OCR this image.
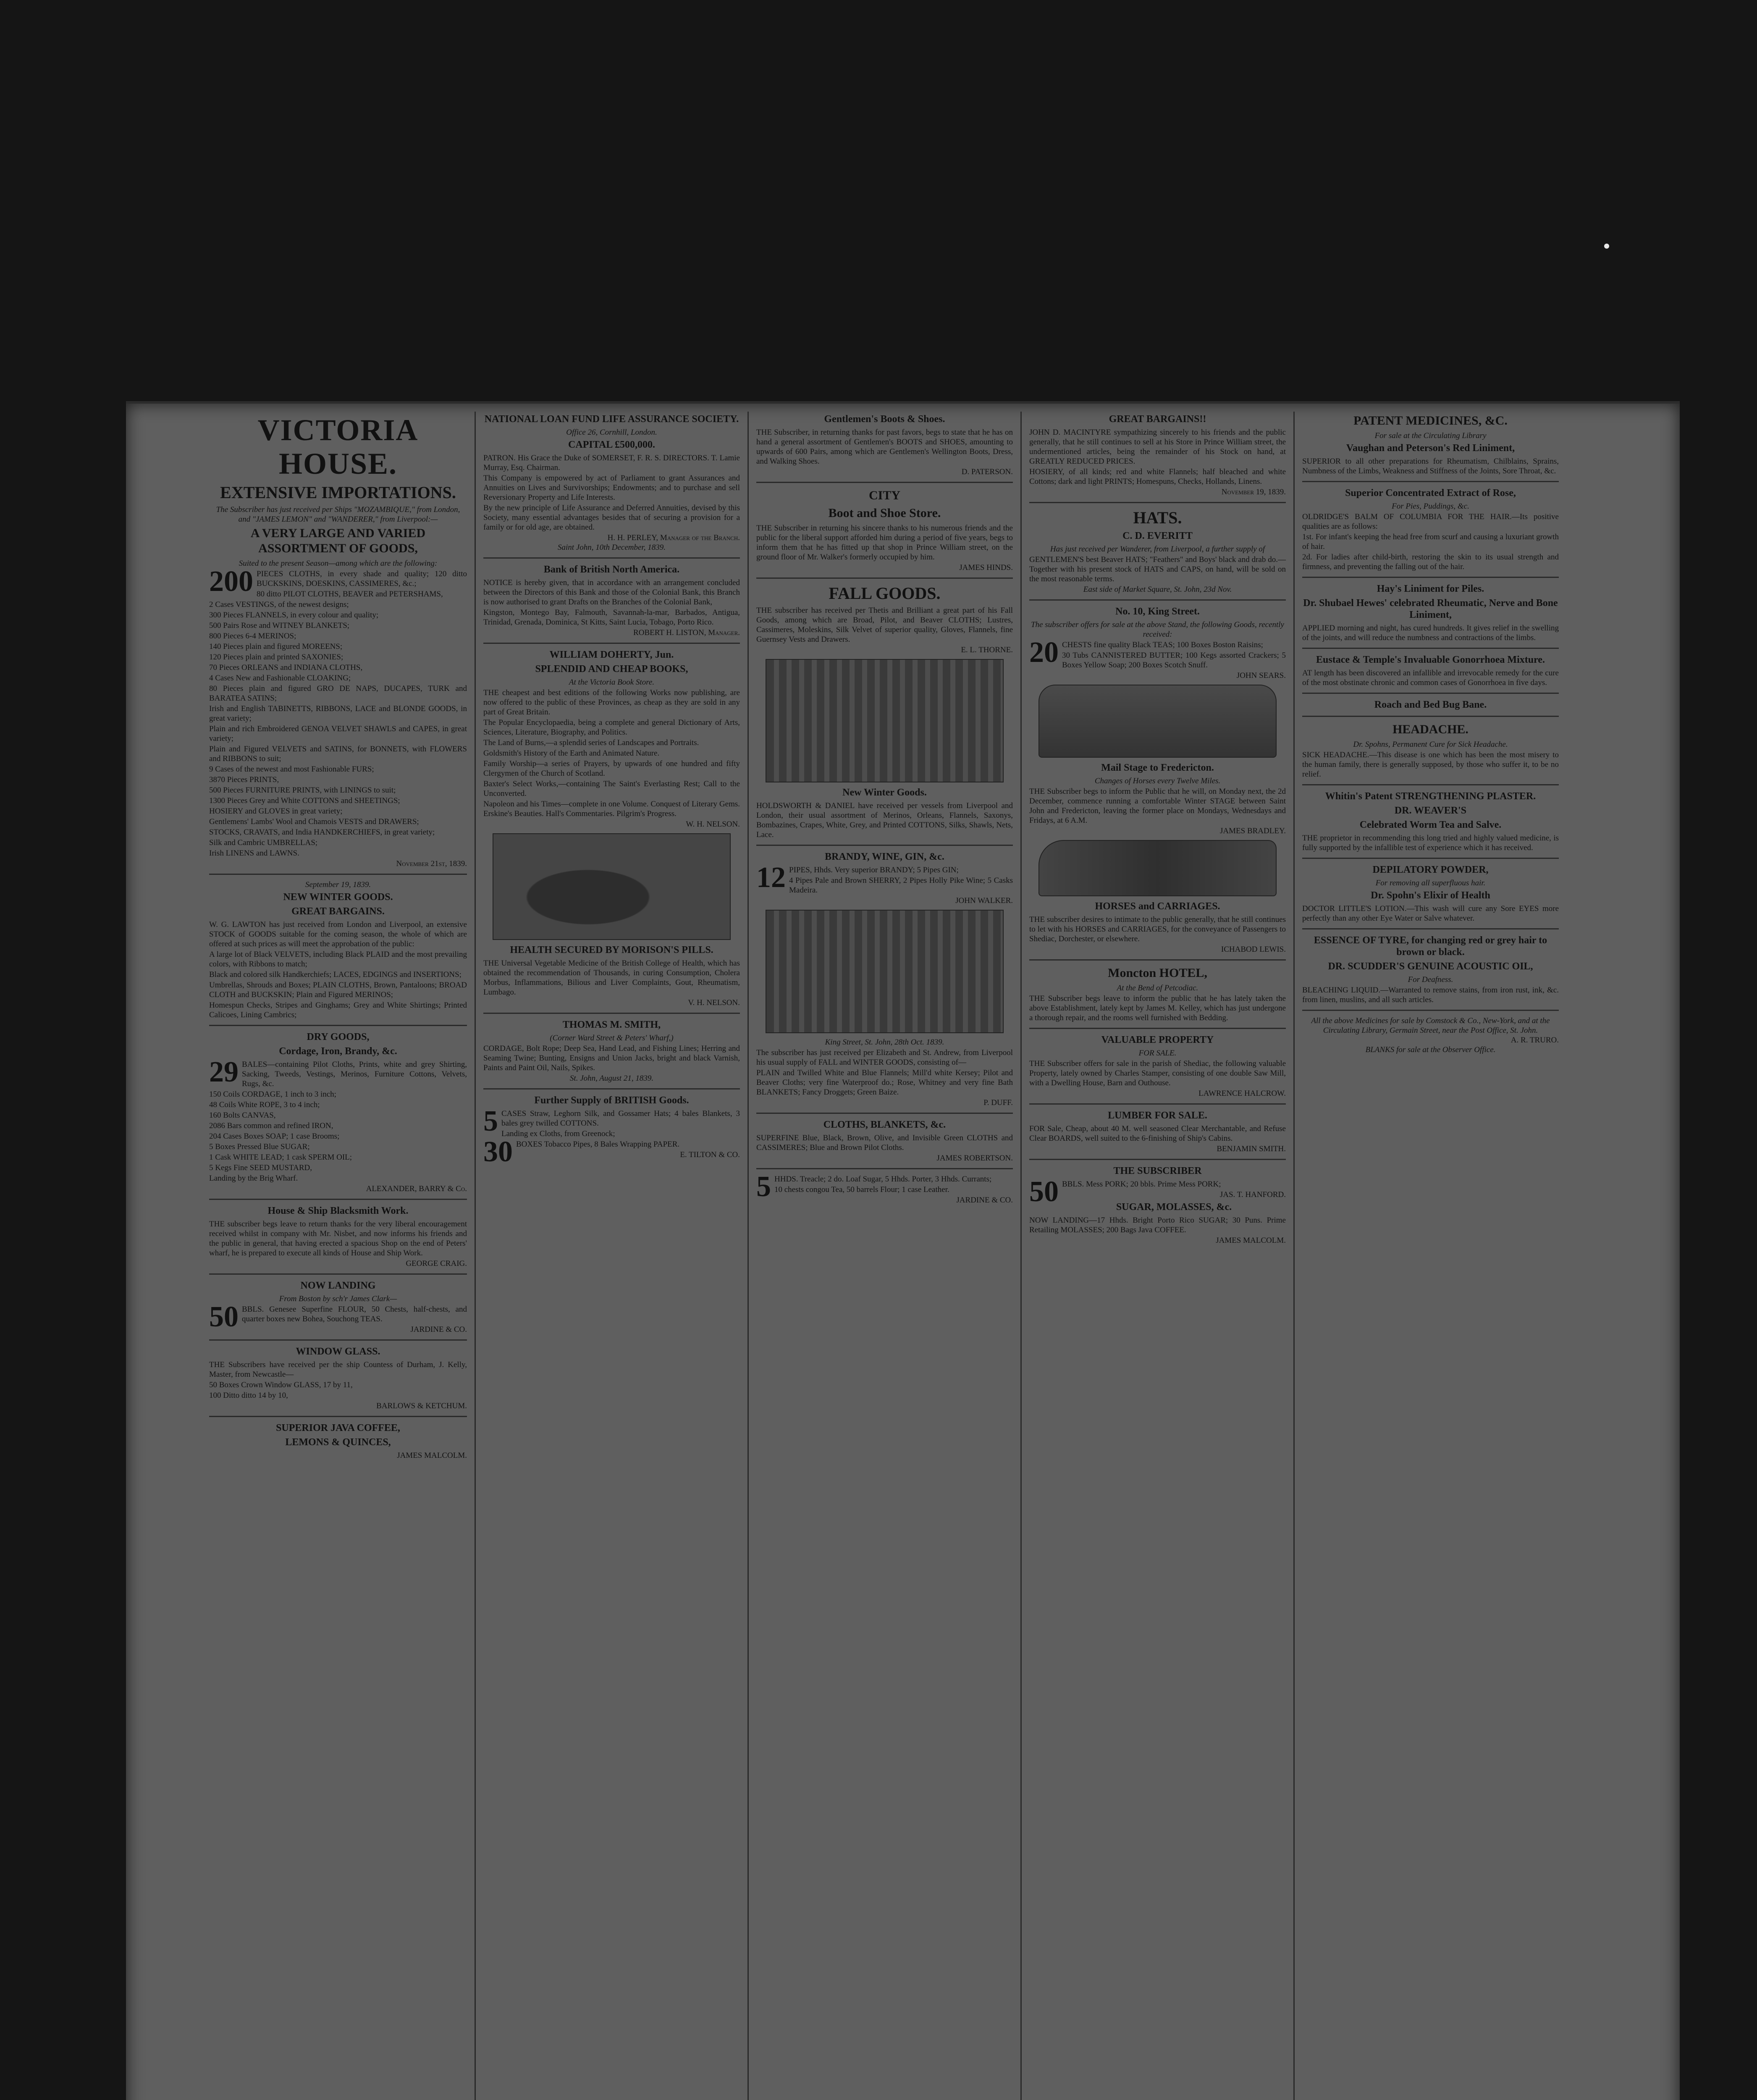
VICTORIA HOUSE.
EXTENSIVE IMPORTATIONS.
The Subscriber has just received per Ships "MOZAMBIQUE," from London, and "JAMES LEMON" and "WANDERER," from Liverpool:—
A VERY LARGE AND VARIED ASSORTMENT OF GOODS,
Suited to the present Season—among which are the following:
200 PIECES CLOTHS, in every shade and quality; 120 ditto BUCKSKINS, DOESKINS, CASSIMERES, &c.;
80 ditto PILOT CLOTHS, BEAVER and PETERSHAMS,
2 Cases VESTINGS, of the newest designs;
300 Pieces FLANNELS, in every colour and quality;
500 Pairs Rose and WITNEY BLANKETS;
800 Pieces 6-4 MERINOS;
140 Pieces plain and figured MOREENS;
120 Pieces plain and printed SAXONIES;
70 Pieces ORLEANS and INDIANA CLOTHS,
4 Cases New and Fashionable CLOAKING;
80 Pieces plain and figured GRO DE NAPS, DUCAPES, TURK and BARATEA SATINS;
Irish and English TABINETTS, RIBBONS, LACE and BLONDE GOODS, in great variety;
Plain and rich Embroidered GENOA VELVET SHAWLS and CAPES, in great variety;
Plain and Figured VELVETS and SATINS, for BONNETS, with FLOWERS and RIBBONS to suit;
9 Cases of the newest and most Fashionable FURS;
3870 Pieces PRINTS,
500 Pieces FURNITURE PRINTS, with LININGS to suit;
1300 Pieces Grey and White COTTONS and SHEETINGS;
HOSIERY and GLOVES in great variety;
Gentlemens' Lambs' Wool and Chamois VESTS and DRAWERS;
STOCKS, CRAVATS, and India HANDKERCHIEFS, in great variety;
Silk and Cambric UMBRELLAS;
Irish LINENS and LAWNS.
November 21st, 1839.
September 19, 1839.
NEW WINTER GOODS.
GREAT BARGAINS.
W. G. LAWTON has just received from London and Liverpool, an extensive STOCK of GOODS suitable for the coming season, the whole of which are offered at such prices as will meet the approbation of the public:
A large lot of Black VELVETS, including Black PLAID and the most prevailing colors, with Ribbons to match;
Black and colored silk Handkerchiefs; LACES, EDGINGS and INSERTIONS;
Umbrellas, Shrouds and Boxes; PLAIN CLOTHS, Brown, Pantaloons; BROAD CLOTH and BUCKSKIN; Plain and Figured MERINOS;
Homespun Checks, Stripes and Ginghams; Grey and White Shirtings; Printed Calicoes, Lining Cambrics;
DRY GOODS,
Cordage, Iron, Brandy, &c.
29 BALES—containing Pilot Cloths, Prints, white and grey Shirting, Sacking, Tweeds, Vestings, Merinos, Furniture Cottons, Velvets, Rugs, &c.
150 Coils CORDAGE, 1 inch to 3 inch;
48 Coils White ROPE, 3 to 4 inch;
160 Bolts CANVAS,
2086 Bars common and refined IRON,
204 Cases Boxes SOAP; 1 case Brooms;
5 Boxes Pressed Blue SUGAR;
1 Cask WHITE LEAD; 1 cask SPERM OIL;
5 Kegs Fine SEED MUSTARD,
Landing by the Brig Wharf.
ALEXANDER, BARRY & Co.
House & Ship Blacksmith Work.
THE subscriber begs leave to return thanks for the very liberal encouragement received whilst in company with Mr. Nisbet, and now informs his friends and the public in general, that having erected a spacious Shop on the end of Peters' wharf, he is prepared to execute all kinds of House and Ship Work.
GEORGE CRAIG.
NOW LANDING
From Boston by sch'r James Clark—
50 BBLS. Genesee Superfine FLOUR, 50 Chests, half-chests, and quarter boxes new Bohea, Souchong TEAS.
JARDINE & CO.
WINDOW GLASS.
THE Subscribers have received per the ship Countess of Durham, J. Kelly, Master, from Newcastle—
50 Boxes Crown Window GLASS, 17 by 11,
100 Ditto ditto 14 by 10,
BARLOWS & KETCHUM.
SUPERIOR JAVA COFFEE,
LEMONS & QUINCES,
JAMES MALCOLM.
NATIONAL LOAN FUND LIFE ASSURANCE SOCIETY.
Office 26, Cornhill, London.
CAPITAL £500,000.
PATRON. His Grace the Duke of SOMERSET, F. R. S. DIRECTORS. T. Lamie Murray, Esq. Chairman.
This Company is empowered by act of Parliament to grant Assurances and Annuities on Lives and Survivorships; Endowments; and to purchase and sell Reversionary Property and Life Interests.
By the new principle of Life Assurance and Deferred Annuities, devised by this Society, many essential advantages besides that of securing a provision for a family or for old age, are obtained.
H. H. PERLEY, Manager of the Branch.
Saint John, 10th December, 1839.
Bank of British North America.
NOTICE is hereby given, that in accordance with an arrangement concluded between the Directors of this Bank and those of the Colonial Bank, this Branch is now authorised to grant Drafts on the Branches of the Colonial Bank,
Kingston, Montego Bay, Falmouth, Savannah-la-mar, Barbados, Antigua, Trinidad, Grenada, Dominica, St Kitts, Saint Lucia, Tobago, Porto Rico.
ROBERT H. LISTON, Manager.
WILLIAM DOHERTY, Jun.
SPLENDID AND CHEAP BOOKS,
At the Victoria Book Store.
THE cheapest and best editions of the following Works now publishing, are now offered to the public of these Provinces, as cheap as they are sold in any part of Great Britain.
The Popular Encyclopaedia, being a complete and general Dictionary of Arts, Sciences, Literature, Biography, and Politics.
The Land of Burns,—a splendid series of Landscapes and Portraits.
Goldsmith's History of the Earth and Animated Nature.
Family Worship—a series of Prayers, by upwards of one hundred and fifty Clergymen of the Church of Scotland.
Baxter's Select Works,—containing The Saint's Everlasting Rest; Call to the Unconverted.
Napoleon and his Times—complete in one Volume. Conquest of Literary Gems. Erskine's Beauties. Hall's Commentaries. Pilgrim's Progress.
W. H. NELSON.
HEALTH SECURED BY MORISON'S PILLS.
THE Universal Vegetable Medicine of the British College of Health, which has obtained the recommendation of Thousands, in curing Consumption, Cholera Morbus, Inflammations, Bilious and Liver Complaints, Gout, Rheumatism, Lumbago.
V. H. NELSON.
THOMAS M. SMITH,
(Corner Ward Street & Peters' Wharf,)
CORDAGE, Bolt Rope; Deep Sea, Hand Lead, and Fishing Lines; Herring and Seaming Twine; Bunting, Ensigns and Union Jacks, bright and black Varnish, Paints and Paint Oil, Nails, Spikes.
St. John, August 21, 1839.
Further Supply of BRITISH Goods.
5 CASES Straw, Leghorn Silk, and Gossamer Hats; 4 bales Blankets, 3 bales grey twilled COTTONS.
Landing ex Cloths, from Greenock;
30 BOXES Tobacco Pipes, 8 Bales Wrapping PAPER.
E. TILTON & CO.
Gentlemen's Boots & Shoes.
THE Subscriber, in returning thanks for past favors, begs to state that he has on hand a general assortment of Gentlemen's BOOTS and SHOES, amounting to upwards of 600 Pairs, among which are Gentlemen's Wellington Boots, Dress, and Walking Shoes.
D. PATERSON.
CITY
Boot and Shoe Store.
THE Subscriber in returning his sincere thanks to his numerous friends and the public for the liberal support afforded him during a period of five years, begs to inform them that he has fitted up that shop in Prince William street, on the ground floor of Mr. Walker's formerly occupied by him.
JAMES HINDS.
FALL GOODS.
THE subscriber has received per Thetis and Brilliant a great part of his Fall Goods, among which are Broad, Pilot, and Beaver CLOTHS; Lustres, Cassimeres, Moleskins, Silk Velvet of superior quality, Gloves, Flannels, fine Guernsey Vests and Drawers.
E. L. THORNE.
New Winter Goods.
HOLDSWORTH & DANIEL have received per vessels from Liverpool and London, their usual assortment of Merinos, Orleans, Flannels, Saxonys, Bombazines, Crapes, White, Grey, and Printed COTTONS, Silks, Shawls, Nets, Lace.
BRANDY, WINE, GIN, &c.
12 PIPES, Hhds. Very superior BRANDY; 5 Pipes GIN;
4 Pipes Pale and Brown SHERRY, 2 Pipes Holly Pike Wine; 5 Casks Madeira.
JOHN WALKER.
King Street, St. John, 28th Oct. 1839.
The subscriber has just received per Elizabeth and St. Andrew, from Liverpool his usual supply of FALL and WINTER GOODS, consisting of—
PLAIN and Twilled White and Blue Flannels; Mill'd white Kersey; Pilot and Beaver Cloths; very fine Waterproof do.; Rose, Whitney and very fine Bath BLANKETS; Fancy Droggets; Green Baize.
P. DUFF.
CLOTHS, BLANKETS, &c.
SUPERFINE Blue, Black, Brown, Olive, and Invisible Green CLOTHS and CASSIMERES; Blue and Brown Pilot Cloths.
JAMES ROBERTSON.
5 HHDS. Treacle; 2 do. Loaf Sugar, 5 Hhds. Porter, 3 Hhds. Currants;
10 chests congou Tea, 50 barrels Flour; 1 case Leather.
JARDINE & CO.
GREAT BARGAINS!!
JOHN D. MACINTYRE sympathizing sincerely to his friends and the public generally, that he still continues to sell at his Store in Prince William street, the undermentioned articles, being the remainder of his Stock on hand, at GREATLY REDUCED PRICES.
HOSIERY, of all kinds; red and white Flannels; half bleached and white Cottons; dark and light PRINTS; Homespuns, Checks, Hollands, Linens.
November 19, 1839.
HATS.
C. D. EVERITT
Has just received per Wanderer, from Liverpool, a further supply of
GENTLEMEN'S best Beaver HATS; "Feathers" and Boys' black and drab do.—Together with his present stock of HATS and CAPS, on hand, will be sold on the most reasonable terms.
East side of Market Square, St. John, 23d Nov.
No. 10, King Street.
The subscriber offers for sale at the above Stand, the following Goods, recently received:
20 CHESTS fine quality Black TEAS; 100 Boxes Boston Raisins;
30 Tubs CANNISTERED BUTTER; 100 Kegs assorted Crackers; 5 Boxes Yellow Soap; 200 Boxes Scotch Snuff.
JOHN SEARS.
Mail Stage to Fredericton.
Changes of Horses every Twelve Miles.
THE Subscriber begs to inform the Public that he will, on Monday next, the 2d December, commence running a comfortable Winter STAGE between Saint John and Fredericton, leaving the former place on Mondays, Wednesdays and Fridays, at 6 A.M.
JAMES BRADLEY.
HORSES and CARRIAGES.
THE subscriber desires to intimate to the public generally, that he still continues to let with his HORSES and CARRIAGES, for the conveyance of Passengers to Shediac, Dorchester, or elsewhere.
ICHABOD LEWIS.
Moncton HOTEL,
At the Bend of Petcodiac.
THE Subscriber begs leave to inform the public that he has lately taken the above Establishment, lately kept by James M. Kelley, which has just undergone a thorough repair, and the rooms well furnished with Bedding.
VALUABLE PROPERTY
FOR SALE.
THE Subscriber offers for sale in the parish of Shediac, the following valuable Property, lately owned by Charles Stamper, consisting of one double Saw Mill, with a Dwelling House, Barn and Outhouse.
LAWRENCE HALCROW.
LUMBER FOR SALE.
FOR Sale, Cheap, about 40 M. well seasoned Clear Merchantable, and Refuse Clear BOARDS, well suited to the 6-finishing of Ship's Cabins.
BENJAMIN SMITH.
THE SUBSCRIBER
50 BBLS. Mess PORK; 20 bbls. Prime Mess PORK;
JAS. T. HANFORD.
SUGAR, MOLASSES, &c.
NOW LANDING—17 Hhds. Bright Porto Rico SUGAR; 30 Puns. Prime Retailing MOLASSES; 200 Bags Java COFFEE.
JAMES MALCOLM.
PATENT MEDICINES, &C.
For sale at the Circulating Library
Vaughan and Peterson's Red Liniment,
SUPERIOR to all other preparations for Rheumatism, Chilblains, Sprains, Numbness of the Limbs, Weakness and Stiffness of the Joints, Sore Throat, &c.
Superior Concentrated Extract of Rose,
For Pies, Puddings, &c.
OLDRIDGE'S BALM OF COLUMBIA FOR THE HAIR.—Its positive qualities are as follows:
1st. For infant's keeping the head free from scurf and causing a luxuriant growth of hair.
2d. For ladies after child-birth, restoring the skin to its usual strength and firmness, and preventing the falling out of the hair.
Hay's Liniment for Piles.
Dr. Shubael Hewes' celebrated Rheumatic, Nerve and Bone Liniment,
APPLIED morning and night, has cured hundreds. It gives relief in the swelling of the joints, and will reduce the numbness and contractions of the limbs.
Eustace & Temple's Invaluable Gonorrhoea Mixture.
AT length has been discovered an infallible and irrevocable remedy for the cure of the most obstinate chronic and common cases of Gonorrhoea in five days.
Roach and Bed Bug Bane.
HEADACHE.
Dr. Spohns, Permanent Cure for Sick Headache.
SICK HEADACHE.—This disease is one which has been the most misery to the human family, there is generally supposed, by those who suffer it, to be no relief.
Whitin's Patent STRENGTHENING PLASTER.
DR. WEAVER'S
Celebrated Worm Tea and Salve.
THE proprietor in recommending this long tried and highly valued medicine, is fully supported by the infallible test of experience which it has received.
DEPILATORY POWDER,
For removing all superfluous hair.
Dr. Spohn's Elixir of Health
DOCTOR LITTLE'S LOTION.—This wash will cure any Sore EYES more perfectly than any other Eye Water or Salve whatever.
ESSENCE OF TYRE, for changing red or grey hair to brown or black.
DR. SCUDDER'S GENUINE ACOUSTIC OIL,
For Deafness.
BLEACHING LIQUID.—Warranted to remove stains, from iron rust, ink, &c. from linen, muslins, and all such articles.
All the above Medicines for sale by Comstock & Co., New-York, and at the Circulating Library, Germain Street, near the Post Office, St. John.
A. R. TRURO.
BLANKS for sale at the Observer Office.
